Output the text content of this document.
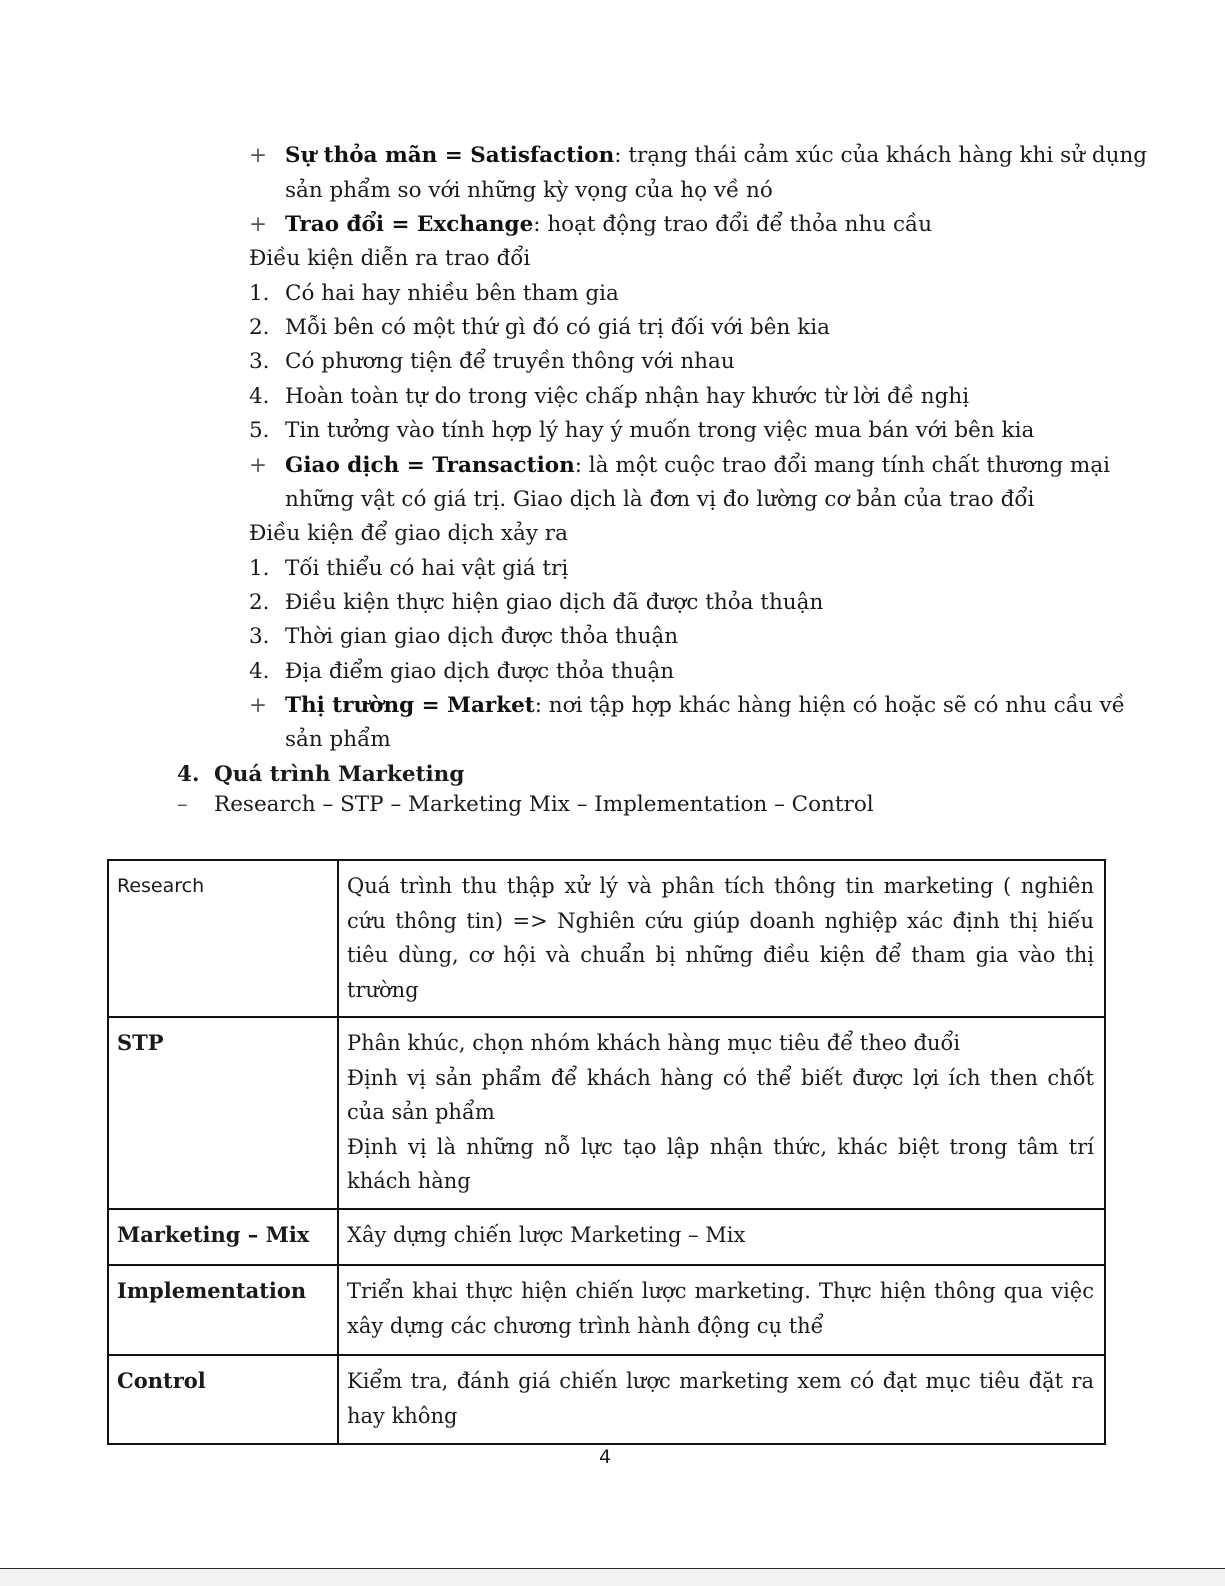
+ Sự thỏa mãn = Satisfaction: trạng thái cảm xúc của khách hàng khi sử dụng
sản phẩm so với những kỳ vọng của họ về nó
+ Trao đổi = Exchange: hoạt động trao đổi để thỏa nhu cầu
Điều kiện diễn ra trao đổi
1. Có hai hay nhiều bên tham gia
2. Mỗi bên có một thứ gì đó có giá trị đối với bên kia
3. Có phương tiện để truyền thông với nhau
4. Hoàn toàn tự do trong việc chấp nhận hay khước từ lời đề nghị
5. Tin tưởng vào tính hợp lý hay ý muốn trong việc mua bán với bên kia
+ Giao dịch = Transaction: là một cuộc trao đổi mang tính chất thương mại
những vật có giá trị. Giao dịch là đơn vị đo lường cơ bản của trao đổi
Điều kiện để giao dịch xảy ra
1. Tối thiểu có hai vật giá trị
2. Điều kiện thực hiện giao dịch đã được thỏa thuận
3. Thời gian giao dịch được thỏa thuận
4. Địa điểm giao dịch được thỏa thuận
+ Thị trường = Market: nơi tập hợp khác hàng hiện có hoặc sẽ có nhu cầu về
sản phẩm
4. Quá trình Marketing
– Research – STP – Marketing Mix – Implementation – Control
Research	Quá trình thu thập xử lý và phân tích thông tin marketing ( nghiên cứu thông tin) => Nghiên cứu giúp doanh nghiệp xác định thị hiếu tiêu dùng, cơ hội và chuẩn bị những điều kiện để tham gia vào thị trường

STP	Phân khúc, chọn nhóm khách hàng mục tiêu để theo đuổi
Định vị sản phẩm để khách hàng có thể biết được lợi ích then chốt của sản phẩm
Định vị là những nỗ lực tạo lập nhận thức, khác biệt trong tâm trí khách hàng

Marketing – Mix	Xây dựng chiến lược Marketing – Mix

Implementation	Triển khai thực hiện chiến lược marketing. Thực hiện thông qua việc xây dựng các chương trình hành động cụ thể

Control	Kiểm tra, đánh giá chiến lược marketing xem có đạt mục tiêu đặt ra hay không
4
